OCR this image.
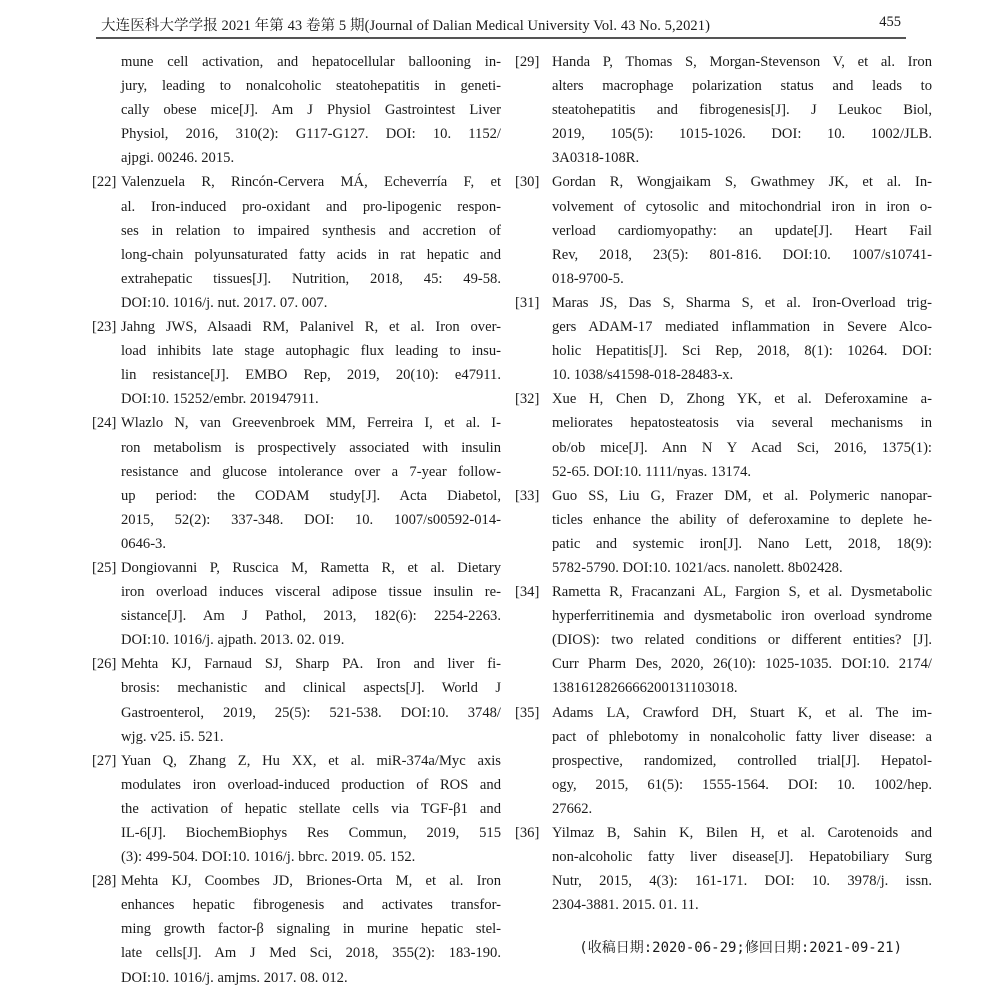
大连医科大学学报 2021 年第 43 卷第 5 期(Journal of Dalian Medical University Vol. 43 No. 5,2021)	455
mune cell activation, and hepatocellular ballooning in-
jury, leading to nonalcoholic steatohepatitis in geneti-
cally obese mice[J]. Am J Physiol Gastrointest Liver
Physiol, 2016, 310(2): G117-G127. DOI: 10. 1152/
ajpgi. 00246. 2015.
[22] Valenzuela R, Rincón-Cervera MÁ, Echeverría F, et
al. Iron-induced pro-oxidant and pro-lipogenic respon-
ses in relation to impaired synthesis and accretion of
long-chain polyunsaturated fatty acids in rat hepatic and
extrahepatic tissues[J]. Nutrition, 2018, 45: 49-58.
DOI:10. 1016/j. nut. 2017. 07. 007.
[23] Jahng JWS, Alsaadi RM, Palanivel R, et al. Iron over-
load inhibits late stage autophagic flux leading to insu-
lin resistance[J]. EMBO Rep, 2019, 20(10): e47911.
DOI:10. 15252/embr. 201947911.
[24] Wlazlo N, van Greevenbroek MM, Ferreira I, et al. I-
ron metabolism is prospectively associated with insulin
resistance and glucose intolerance over a 7-year follow-
up period: the CODAM study[J]. Acta Diabetol,
2015, 52(2): 337-348. DOI: 10. 1007/s00592-014-
0646-3.
[25] Dongiovanni P, Ruscica M, Rametta R, et al. Dietary
iron overload induces visceral adipose tissue insulin re-
sistance[J]. Am J Pathol, 2013, 182(6): 2254-2263.
DOI:10. 1016/j. ajpath. 2013. 02. 019.
[26] Mehta KJ, Farnaud SJ, Sharp PA. Iron and liver fi-
brosis: mechanistic and clinical aspects[J]. World J
Gastroenterol, 2019, 25(5): 521-538. DOI:10. 3748/
wjg. v25. i5. 521.
[27] Yuan Q, Zhang Z, Hu XX, et al. miR-374a/Myc axis
modulates iron overload-induced production of ROS and
the activation of hepatic stellate cells via TGF-β1 and
IL-6[J]. BiochemBiophys Res Commun, 2019, 515
(3): 499-504. DOI:10. 1016/j. bbrc. 2019. 05. 152.
[28] Mehta KJ, Coombes JD, Briones-Orta M, et al. Iron
enhances hepatic fibrogenesis and activates transfor-
ming growth factor-β signaling in murine hepatic stel-
late cells[J]. Am J Med Sci, 2018, 355(2): 183-190.
DOI:10. 1016/j. amjms. 2017. 08. 012.
[29] Handa P, Thomas S, Morgan-Stevenson V, et al. Iron
alters macrophage polarization status and leads to
steatohepatitis and fibrogenesis[J]. J Leukoc Biol,
2019, 105(5): 1015-1026. DOI: 10. 1002/JLB.
3A0318-108R.
[30] Gordan R, Wongjaikam S, Gwathmey JK, et al. In-
volvement of cytosolic and mitochondrial iron in iron o-
verload cardiomyopathy: an update[J]. Heart Fail
Rev, 2018, 23(5): 801-816. DOI:10. 1007/s10741-
018-9700-5.
[31] Maras JS, Das S, Sharma S, et al. Iron-Overload trig-
gers ADAM-17 mediated inflammation in Severe Alco-
holic Hepatitis[J]. Sci Rep, 2018, 8(1): 10264. DOI:
10. 1038/s41598-018-28483-x.
[32] Xue H, Chen D, Zhong YK, et al. Deferoxamine a-
meliorates hepatosteatosis via several mechanisms in
ob/ob mice[J]. Ann N Y Acad Sci, 2016, 1375(1):
52-65. DOI:10. 1111/nyas. 13174.
[33] Guo SS, Liu G, Frazer DM, et al. Polymeric nanopar-
ticles enhance the ability of deferoxamine to deplete he-
patic and systemic iron[J]. Nano Lett, 2018, 18(9):
5782-5790. DOI:10. 1021/acs. nanolett. 8b02428.
[34] Rametta R, Fracanzani AL, Fargion S, et al. Dysmetabolic
hyperferritinemia and dysmetabolic iron overload syndrome
(DIOS): two related conditions or different entities? [J].
Curr Pharm Des, 2020, 26(10): 1025-1035. DOI:10. 2174/
1381612826666200131103018.
[35] Adams LA, Crawford DH, Stuart K, et al. The im-
pact of phlebotomy in nonalcoholic fatty liver disease: a
prospective, randomized, controlled trial[J]. Hepatol-
ogy, 2015, 61(5): 1555-1564. DOI: 10. 1002/hep.
27662.
[36] Yilmaz B, Sahin K, Bilen H, et al. Carotenoids and
non-alcoholic fatty liver disease[J]. Hepatobiliary Surg
Nutr, 2015, 4(3): 161-171. DOI: 10. 3978/j. issn.
2304-3881. 2015. 01. 11.
(收稿日期:2020-06-29;修回日期:2021-09-21)
